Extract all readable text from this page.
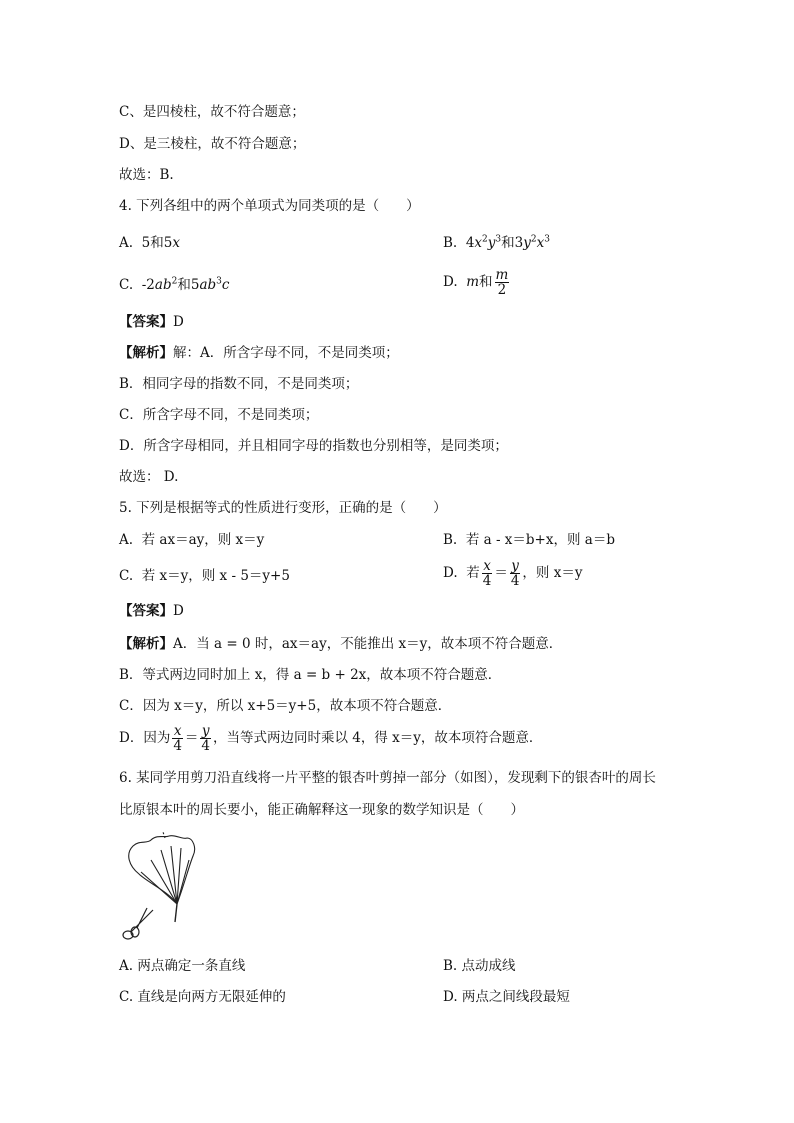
C、是四棱柱，故不符合题意；
D、是三棱柱，故不符合题意；
故选：B.
4. 下列各组中的两个单项式为同类项的是（　　）
A. 5和5x	B. $4x^2y^3$和$3y^2x^3$
C. $-2ab^2$和$5ab^3c$	D. m和 $\frac{m}{2}$
【答案】D
【解析】解：A．所含字母不同，不是同类项；
B．相同字母的指数不同，不是同类项；
C．所含字母不同，不是同类项；
D．所含字母相同，并且相同字母的指数也分别相等，是同类项；
故选： D.
5. 下列是根据等式的性质进行变形，正确的是（　　）
A. 若 ax＝ay，则 x＝y	B. 若 a - x＝b+x，则 a＝b
C. 若 x＝y，则 x - 5＝y+5	D. 若 $\frac{x}{4} = \frac{y}{4}$ ，则 x＝y
【答案】D
【解析】A．当 a = 0 时，ax＝ay，不能推出 x＝y，故本项不符合题意．
B．等式两边同时加上 x，得 a = b + 2x，故本项不符合题意．
C．因为 x＝y，所以 x+5＝y+5，故本项不符合题意．
D．因为 $\frac{x}{4} = \frac{y}{4}$ ，当等式两边同时乘以 4，得 x＝y，故本项符合题意．
6. 某同学用剪刀沿直线将一片平整的银杏叶剪掉一部分（如图），发现剩下的银杏叶的周长
比原银本叶的周长要小，能正确解释这一现象的数学知识是（　　）
A. 两点确定一条直线	B. 点动成线
C. 直线是向两方无限延伸的	D. 两点之间线段最短
